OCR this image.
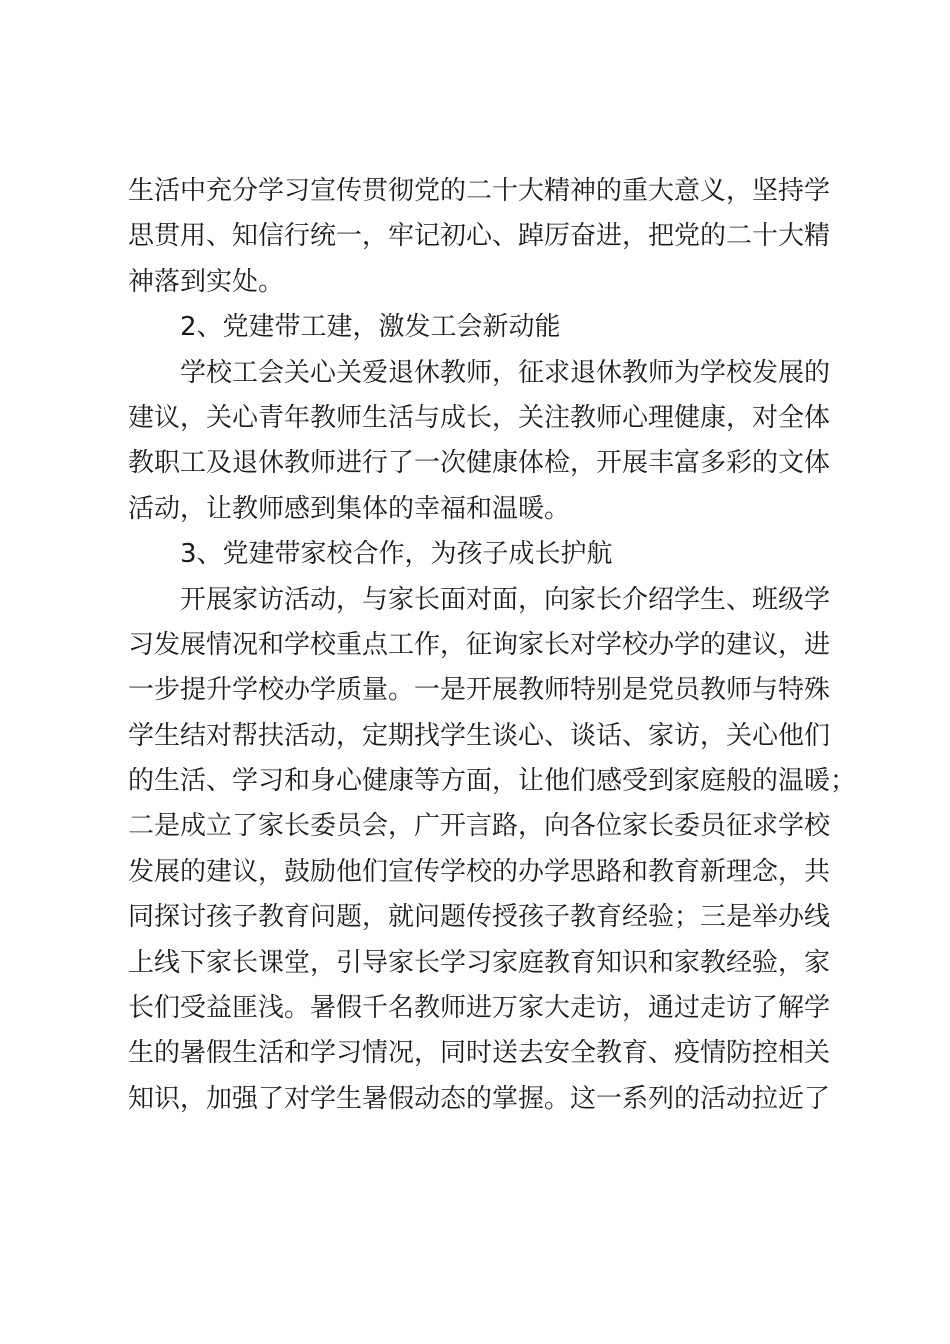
生活中充分学习宣传贯彻党的二十大精神的重大意义，坚持学
思贯用、知信行统一，牢记初心、踔厉奋进，把党的二十大精
神落到实处。
2、党建带工建，激发工会新动能
学校工会关心关爱退休教师，征求退休教师为学校发展的
建议，关心青年教师生活与成长，关注教师心理健康，对全体
教职工及退休教师进行了一次健康体检，开展丰富多彩的文体
活动，让教师感到集体的幸福和温暖。
3、党建带家校合作，为孩子成长护航
开展家访活动，与家长面对面，向家长介绍学生、班级学
习发展情况和学校重点工作，征询家长对学校办学的建议，进
一步提升学校办学质量。一是开展教师特别是党员教师与特殊
学生结对帮扶活动，定期找学生谈心、谈话、家访，关心他们
的生活、学习和身心健康等方面，让他们感受到家庭般的温暖；
二是成立了家长委员会，广开言路，向各位家长委员征求学校
发展的建议，鼓励他们宣传学校的办学思路和教育新理念，共
同探讨孩子教育问题，就问题传授孩子教育经验；三是举办线
上线下家长课堂，引导家长学习家庭教育知识和家教经验，家
长们受益匪浅。暑假千名教师进万家大走访，通过走访了解学
生的暑假生活和学习情况，同时送去安全教育、疫情防控相关
知识，加强了对学生暑假动态的掌握。这一系列的活动拉近了
